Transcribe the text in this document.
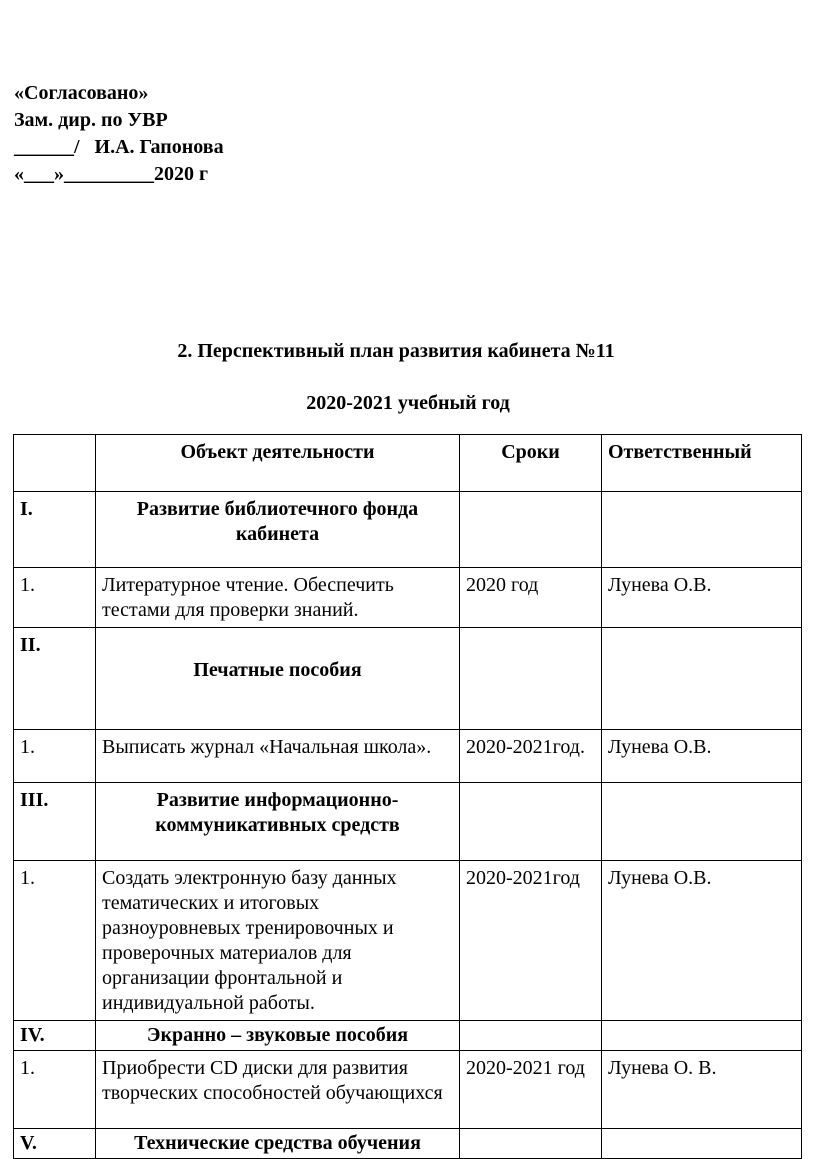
«Согласовано»
Зам. дир. по УВР
______/   И.А. Гапонова
«___»_________2020 г
2. Перспективный план развития кабинета №11
2020-2021 учебный год
	Объект деятельности	Сроки	Ответственный
I.	Развитие библиотечного фонда кабинета		
1.	Литературное чтение. Обеспечить тестами для проверки знаний.	2020 год	Лунева О.В.
II.	Печатные пособия		
1.	Выписать журнал «Начальная школа».	2020-2021год.	Лунева О.В.
III.	Развитие информационно-коммуникативных средств		
1.	Создать электронную базу данных тематических и итоговых разноуровневых тренировочных и проверочных материалов для организации фронтальной и индивидуальной работы.	2020-2021год	Лунева О.В.
IV.	Экранно – звуковые пособия		
1.	Приобрести CD диски для развития творческих способностей обучающихся	2020-2021 год	Лунева О. В.
V.	Технические средства обучения		
